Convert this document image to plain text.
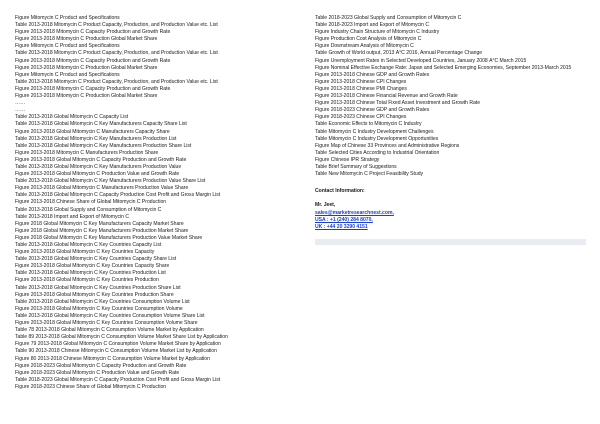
Figure Mitomycin C Product and Specifications
Table 2013-2018 Mitomycin C Product Capacity, Production, and Production Value etc. List
Figure 2013-2018 Mitomycin C Capacity Production and Growth Rate
Figure 2013-2018 Mitomycin C Production Global Market Share
Figure Mitomycin C Product and Specifications
Table 2013-2018 Mitomycin C Product Capacity, Production, and Production Value etc. List
Figure 2013-2018 Mitomycin C Capacity Production and Growth Rate
Figure 2013-2018 Mitomycin C Production Global Market Share
Figure Mitomycin C Product and Specifications
Table 2013-2018 Mitomycin C Product Capacity, Production, and Production Value etc. List
Figure 2013-2018 Mitomycin C Capacity Production and Growth Rate
Figure 2013-2018 Mitomycin C Production Global Market Share
……
……
Table 2013-2018 Global Mitomycin C Capacity List
Table 2013-2018 Global Mitomycin C Key Manufacturers Capacity Share List
Figure 2013-2018 Global Mitomycin C Manufacturers Capacity Share
Table 2013-2018 Global Mitomycin C Key Manufacturers Production List
Table 2013-2018 Global Mitomycin C Key Manufacturers Production Share List
Figure 2013-2018 Mitomycin C Manufacturers Production Share
Figure 2013-2018 Global Mitomycin C Capacity Production and Growth Rate
Table 2013-2018 Global Mitomycin C Key Manufacturers Production Value
Figure 2013-2018 Global Mitomycin C Production Value and Growth Rate
Table 2013-2018 Global Mitomycin C Key Manufacturers Production Value Share List
Figure 2013-2018 Global Mitomycin C Manufacturers Production Value Share
Table 2013-2018 Global Mitomycin C Capacity Production Cost Profit and Gross Margin List
Figure 2013-2018 Chinese Share of Global Mitomycin C Production
Table 2013-2018 Global Supply and Consumption of Mitomycin C
Table 2013-2018 Import and Export of Mitomycin C
Figure 2018 Global Mitomycin C Key Manufacturers Capacity Market Share
Figure 2018 Global Mitomycin C Key Manufacturers Production Market Share
Figure 2018 Global Mitomycin C Key Manufacturers Production Value Market Share
Table 2013-2018 Global Mitomycin C Key Countries Capacity List
Figure 2013-2018 Global Mitomycin C Key Countries Capacity
Table 2013-2018 Global Mitomycin C Key Countries Capacity Share List
Figure 2013-2018 Global Mitomycin C Key Countries Capacity Share
Table 2013-2018 Global Mitomycin C Key Countries Production List
Figure 2013-2018 Global Mitomycin C Key Countries Production
Table 2013-2018 Global Mitomycin C Key Countries Production Share List
Figure 2013-2018 Global Mitomycin C Key Countries Production Share
Table 2013-2018 Global Mitomycin C Key Countries Consumption Volume List
Figure 2013-2018 Global Mitomycin C Key Countries Consumption Volume
Table 2013-2018 Global Mitomycin C Key Countries Consumption Volume Share List
Figure 2013-2018 Global Mitomycin C Key Countries Consumption Volume Share
Table 78 2013-2018 Global Mitomycin C Consumption Volume Market by Application
Table 89 2013-2018 Global Mitomycin C Consumption Volume Market Share List by Application
Figure 79 2013-2018 Global Mitomycin C Consumption Volume Market Share by Application
Table 90 2013-2018 Chinese Mitomycin C Consumption Volume Market List by Application
Figure 80 2013-2018 Chinese Mitomycin C Consumption Volume Market by Application
Figure 2018-2023 Global Mitomycin C Capacity Production and Growth Rate
Figure 2018-2023 Global Mitomycin C Production Value and Growth Rate
Table 2018-2023 Global Mitomycin C Capacity Production Cost Profit and Gross Margin List
Figure 2018-2023 Chinese Share of Global Mitomycin C Production
Table 2018-2023 Global Supply and Consumption of Mitomycin C
Table 2018-2023 Import and Export of Mitomycin C
Figure Industry Chain Structure of Mitomycin C Industry
Figure Production Cost Analysis of Mitomycin C
Figure Downstream Analysis of Mitomycin C
Table Growth of World output, 2013 Â°C 2016, Annual Percentage Change
Figure Unemployment Rates in Selected Developed Countries, January 2008 Â°C March 2015
Figure Nominal Effective Exchange Rate: Japan and Selected Emerging Economies, September 2013-March 2015
Figure 2013-2018 Chinese GDP and Growth Rates
Figure 2013-2018 Chinese CPI Changes
Figure 2013-2018 Chinese PMI Changes
Figure 2013-2018 Chinese Financial Revenue and Growth Rate
Figure 2013-2018 Chinese Total Fixed Asset Investment and Growth Rate
Figure 2018-2023 Chinese GDP and Growth Rates
Figure 2018-2023 Chinese CPI Changes
Table Economic Effects to Mitomycin C Industry
Table Mitomycin C Industry Development Challenges
Table Mitomycin C Industry Development Opportunities
Figure Map of Chinese 33 Provinces and Administrative Regions
Table Selected Cities According to Industrial Orientation
Figure Chinese IPR Strategy
Table Brief Summary of Suggestions
Table New Mitomycin C Project Feasibility Study
Contact Information:
Mr. Jeet,
sales@marketresearchnest.com,
USA : +1 (240) 284 8070,
UK : +44 20 3290 4151
